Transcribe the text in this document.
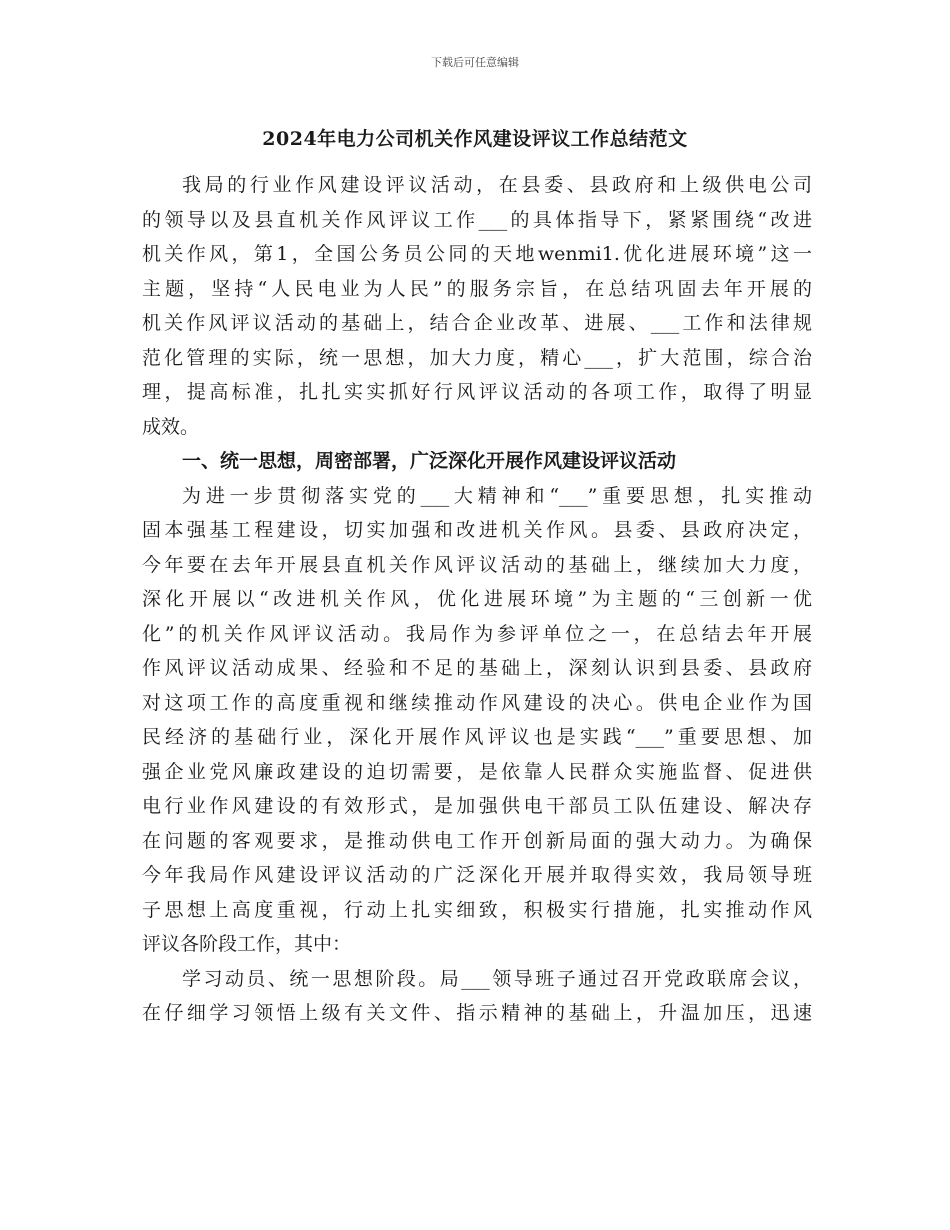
下载后可任意编辑
2024年电力公司机关作风建设评议工作总结范文
我局的行业作风建设评议活动，在县委、县政府和上级供电公司
的领导以及县直机关作风评议工作___的具体指导下，紧紧围绕“改进
机关作风，第1，全国公务员公同的天地wenmi1.优化进展环境”这一
主题，坚持“人民电业为人民”的服务宗旨，在总结巩固去年开展的
机关作风评议活动的基础上，结合企业改革、进展、___工作和法律规
范化管理的实际，统一思想，加大力度，精心___，扩大范围，综合治
理，提高标准，扎扎实实抓好行风评议活动的各项工作，取得了明显
成效。
一、统一思想，周密部署，广泛深化开展作风建设评议活动
为进一步贯彻落实党的___大精神和“___”重要思想，扎实推动
固本强基工程建设，切实加强和改进机关作风。县委、县政府决定，
今年要在去年开展县直机关作风评议活动的基础上，继续加大力度，
深化开展以“改进机关作风，优化进展环境”为主题的“三创新一优
化”的机关作风评议活动。我局作为参评单位之一，在总结去年开展
作风评议活动成果、经验和不足的基础上，深刻认识到县委、县政府
对这项工作的高度重视和继续推动作风建设的决心。供电企业作为国
民经济的基础行业，深化开展作风评议也是实践“___”重要思想、加
强企业党风廉政建设的迫切需要，是依靠人民群众实施监督、促进供
电行业作风建设的有效形式，是加强供电干部员工队伍建设、解决存
在问题的客观要求，是推动供电工作开创新局面的强大动力。为确保
今年我局作风建设评议活动的广泛深化开展并取得实效，我局领导班
子思想上高度重视，行动上扎实细致，积极实行措施，扎实推动作风
评议各阶段工作，其中：
学习动员、统一思想阶段。局___领导班子通过召开党政联席会议，
在仔细学习领悟上级有关文件、指示精神的基础上，升温加压，迅速
